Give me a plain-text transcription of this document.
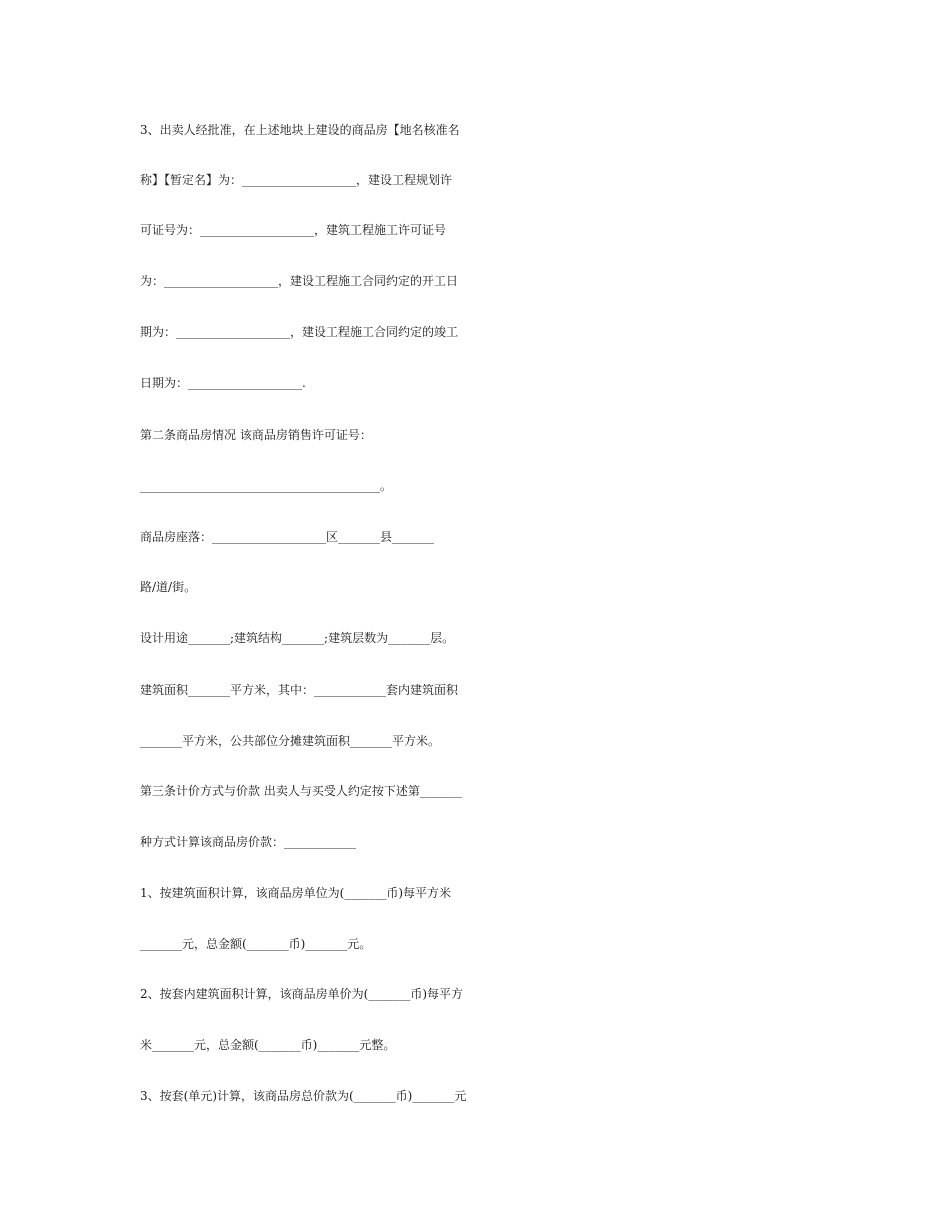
3、出卖人经批准，在上述地块上建设的商品房【地名核准名
称】【暂定名】为：___________________，建设工程规划许
可证号为：___________________，建筑工程施工许可证号
为：___________________，建设工程施工合同约定的开工日
期为：___________________，建设工程施工合同约定的竣工
日期为：___________________.
第二条商品房情况 该商品房销售许可证号：
________________________________________。
商品房座落：___________________区_______县_______
路/道/街。
设计用途_______;建筑结构_______;建筑层数为_______层。
建筑面积_______平方米，其中：____________套内建筑面积
_______平方米，公共部位分摊建筑面积_______平方米。
第三条计价方式与价款 出卖人与买受人约定按下述第_______
种方式计算该商品房价款：____________
1、按建筑面积计算，该商品房单位为(_______币)每平方米
_______元，总金额(_______币)_______元。
2、按套内建筑面积计算，该商品房单价为(_______币)每平方
米_______元，总金额(_______币)_______元整。
3、按套(单元)计算，该商品房总价款为(_______币)_______元
